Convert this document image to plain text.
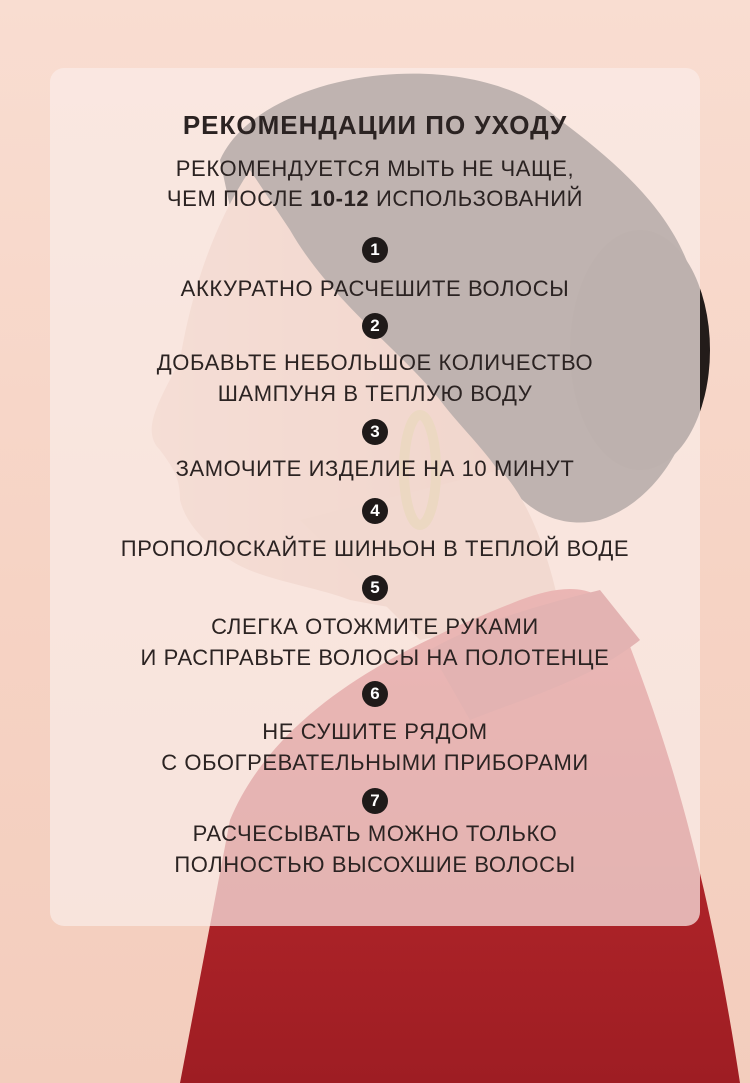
РЕКОМЕНДАЦИИ ПО УХОДУ

РЕКОМЕНДУЕТСЯ МЫТЬ НЕ ЧАЩЕ,
ЧЕМ ПОСЛЕ 10-12 ИСПОЛЬЗОВАНИЙ

1

АККУРАТНО РАСЧЕШИТЕ ВОЛОСЫ

2

ДОБАВЬТЕ НЕБОЛЬШОЕ КОЛИЧЕСТВО
ШАМПУНЯ В ТЕПЛУЮ ВОДУ

3

ЗАМОЧИТЕ ИЗДЕЛИЕ НА 10 МИНУТ

4

ПРОПОЛОСКАЙТЕ ШИНЬОН В ТЕПЛОЙ ВОДЕ

5

СЛЕГКА ОТОЖМИТЕ РУКАМИ
И РАСПРАВЬТЕ ВОЛОСЫ НА ПОЛОТЕНЦЕ

6

НЕ СУШИТЕ РЯДОМ
С ОБОГРЕВАТЕЛЬНЫМИ ПРИБОРАМИ

7

РАСЧЕСЫВАТЬ МОЖНО ТОЛЬКО
ПОЛНОСТЬЮ ВЫСОХШИЕ ВОЛОСЫ
